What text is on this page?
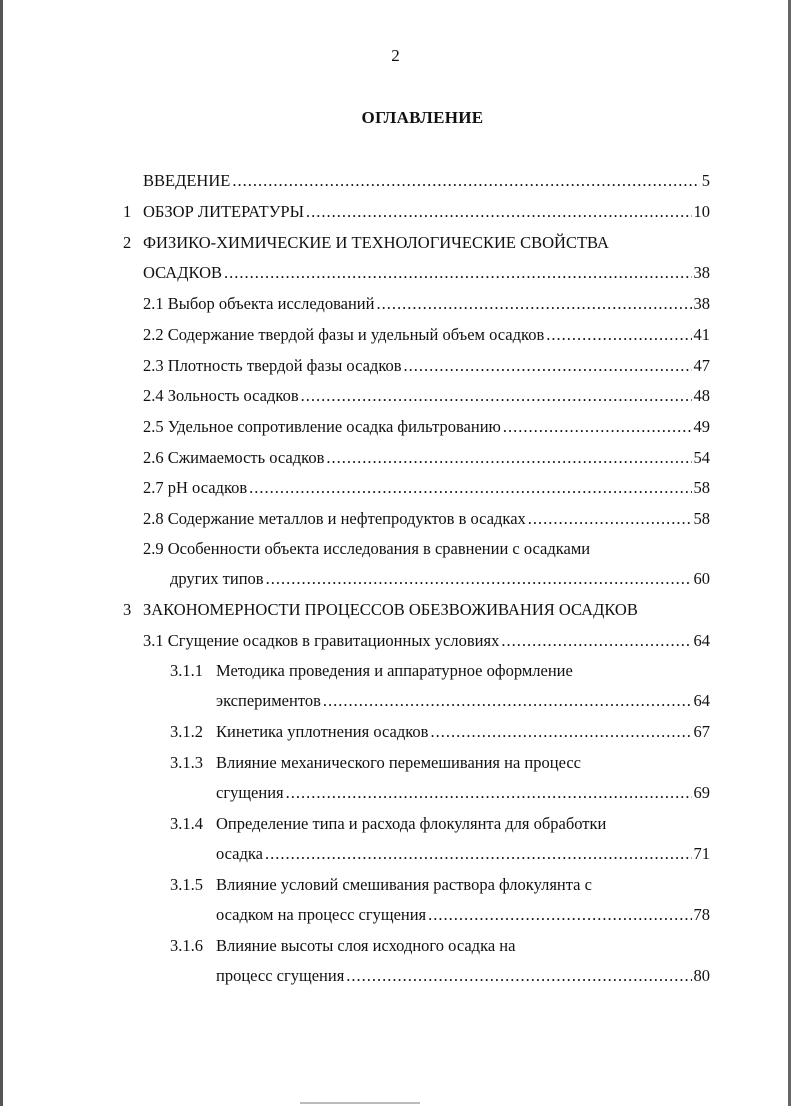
2
ОГЛАВЛЕНИЕ
ВВЕДЕНИЕ .....	5
1 ОБЗОР ЛИТЕРАТУРЫ .....	10
2 ФИЗИКО-ХИМИЧЕСКИЕ И ТЕХНОЛОГИЧЕСКИЕ СВОЙСТВА
ОСАДКОВ .....	38
2.1 Выбор объекта исследований .....	38
2.2 Содержание твердой фазы и удельный объем осадков .....	41
2.3 Плотность твердой фазы осадков .....	47
2.4 Зольность осадков .....	48
2.5 Удельное сопротивление осадка фильтрованию .....	49
2.6 Сжимаемость осадков .....	54
2.7 pH осадков .....	58
2.8 Содержание металлов и нефтепродуктов в осадках .....	58
2.9 Особенности объекта исследования в сравнении с осадками
других типов .....	60
3 ЗАКОНОМЕРНОСТИ ПРОЦЕССОВ ОБЕЗВОЖИВАНИЯ ОСАДКОВ
3.1 Сгущение осадков в гравитационных условиях .....	64
3.1.1 Методика проведения и аппаратурное оформление
экспериментов .....	64
3.1.2 Кинетика уплотнения осадков .....	67
3.1.3 Влияние механического перемешивания на процесс
сгущения .....	69
3.1.4 Определение типа и расхода флокулянта для обработки
осадка .....	71
3.1.5 Влияние условий смешивания раствора флокулянта с
осадком на процесс сгущения .....	78
3.1.6 Влияние высоты слоя исходного осадка на
процесс сгущения .....	80
